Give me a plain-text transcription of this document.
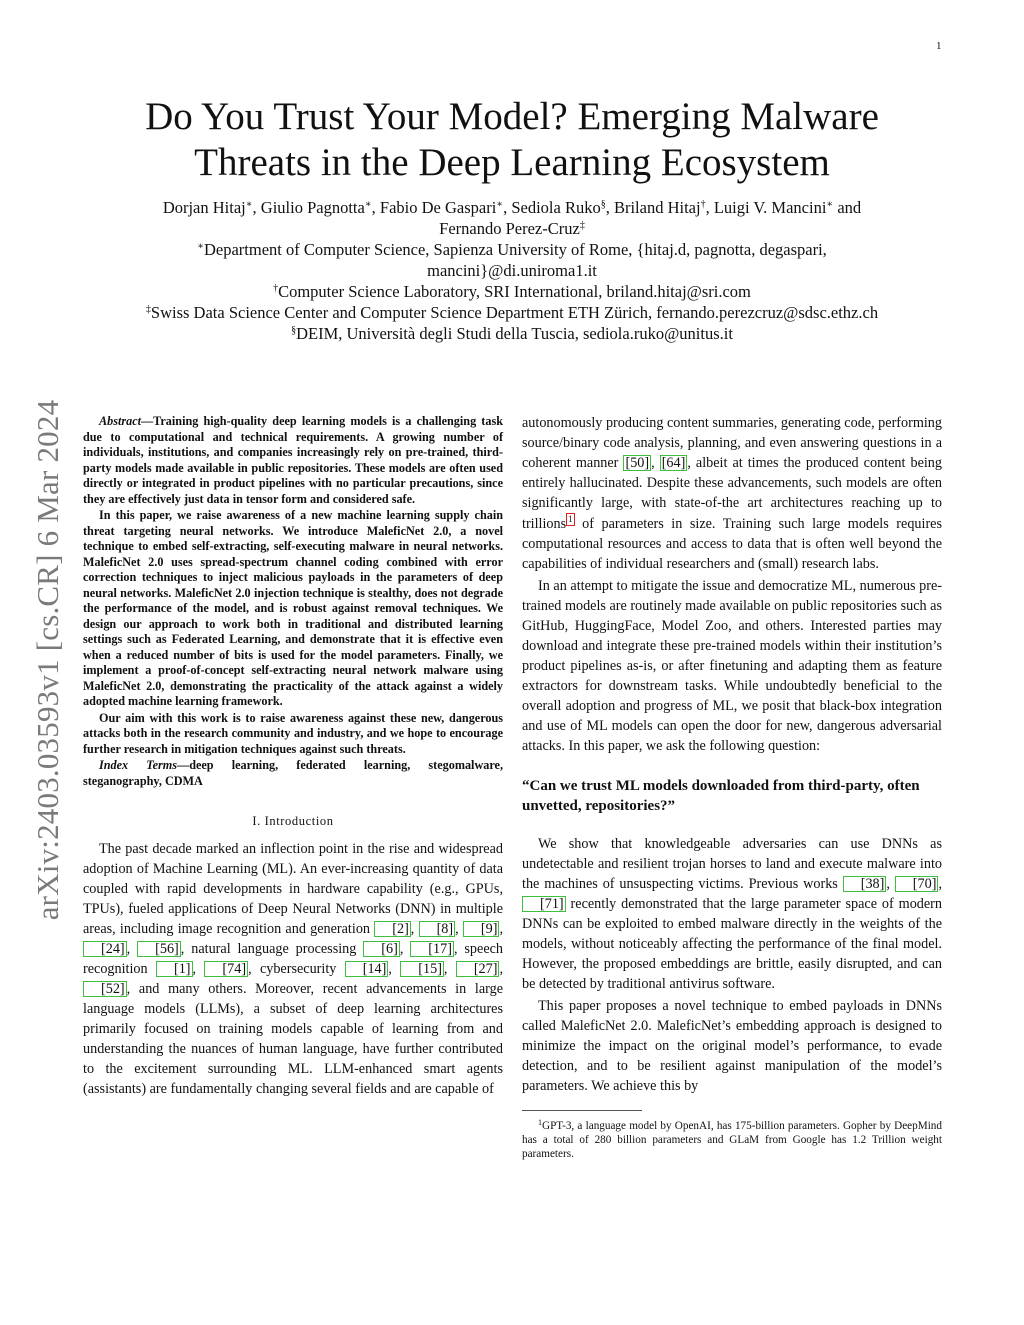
1
arXiv:2403.03593v1 [cs.CR] 6 Mar 2024
Do You Trust Your Model? Emerging Malware Threats in the Deep Learning Ecosystem
Dorjan Hitaj∗, Giulio Pagnotta∗, Fabio De Gaspari∗, Sediola Ruko§, Briland Hitaj†, Luigi V. Mancini∗ and
Fernando Perez-Cruz‡
∗Department of Computer Science, Sapienza University of Rome, {hitaj.d, pagnotta, degaspari, mancini}@di.uniroma1.it
†Computer Science Laboratory, SRI International, briland.hitaj@sri.com
‡Swiss Data Science Center and Computer Science Department ETH Zürich, fernando.perezcruz@sdsc.ethz.ch
§DEIM, Università degli Studi della Tuscia, sediola.ruko@unitus.it

Abstract—Training high-quality deep learning models is a challenging task due to computational and technical requirements. A growing number of individuals, institutions, and companies increasingly rely on pre-trained, third-party models made available in public repositories. These models are often used directly or integrated in product pipelines with no particular precautions, since they are effectively just data in tensor form and considered safe.

In this paper, we raise awareness of a new machine learning supply chain threat targeting neural networks. We introduce MaleficNet 2.0, a novel technique to embed self-extracting, self-executing malware in neural networks. MaleficNet 2.0 uses spread-spectrum channel coding combined with error correction techniques to inject malicious payloads in the parameters of deep neural networks. MaleficNet 2.0 injection technique is stealthy, does not degrade the performance of the model, and is robust against removal techniques. We design our approach to work both in traditional and distributed learning settings such as Federated Learning, and demonstrate that it is effective even when a reduced number of bits is used for the model parameters. Finally, we implement a proof-of-concept self-extracting neural network malware using MaleficNet 2.0, demonstrating the practicality of the attack against a widely adopted machine learning framework.

Our aim with this work is to raise awareness against these new, dangerous attacks both in the research community and industry, and we hope to encourage further research in mitigation techniques against such threats.

Index Terms—deep learning, federated learning, stegomalware, steganography, CDMA

I. Introduction

The past decade marked an inflection point in the rise and widespread adoption of Machine Learning (ML). An ever-increasing quantity of data coupled with rapid developments in hardware capability (e.g., GPUs, TPUs), fueled applications of Deep Neural Networks (DNN) in multiple areas, including image recognition and generation [2] , [8] , [9] , [24] , [56] , natural language processing [6] , [17] , speech recognition [1] , [74] , cybersecurity [14] , [15] , [27] , [52] , and many others. Moreover, recent advancements in large language models (LLMs), a subset of deep learning architectures primarily focused on training models capable of learning from and understanding the nuances of human language, have further contributed to the excitement surrounding ML. LLM-enhanced smart agents (assistants) are fundamentally changing several fields and are capable of

autonomously producing content summaries, generating code, performing source/binary code analysis, planning, and even answering questions in a coherent manner [50] , [64] , albeit at times the produced content being entirely hallucinated. Despite these advancements, such models are often significantly large, with state-of-the art architectures reaching up to trillions 1 of parameters in size. Training such large models requires computational resources and access to data that is often well beyond the capabilities of individual researchers and (small) research labs.

In an attempt to mitigate the issue and democratize ML, numerous pre-trained models are routinely made available on public repositories such as GitHub, HuggingFace, Model Zoo, and others. Interested parties may download and integrate these pre-trained models within their institution’s product pipelines as-is, or after finetuning and adapting them as feature extractors for downstream tasks. While undoubtedly beneficial to the overall adoption and progress of ML, we posit that black-box integration and use of ML models can open the door for new, dangerous adversarial attacks. In this paper, we ask the following question:

“Can we trust ML models downloaded from third-party, often unvetted, repositories?”

We show that knowledgeable adversaries can use DNNs as undetectable and resilient trojan horses to land and execute malware into the machines of unsuspecting victims. Previous works [38] , [70] , [71] recently demonstrated that the large parameter space of modern DNNs can be exploited to embed malware directly in the weights of the models, without noticeably affecting the performance of the final model. However, the proposed embeddings are brittle, easily disrupted, and can be detected by traditional antivirus software.

This paper proposes a novel technique to embed payloads in DNNs called MaleficNet 2.0. MaleficNet’s embedding approach is designed to minimize the impact on the original model’s performance, to evade detection, and to be resilient against manipulation of the model’s parameters. We achieve this by

$^1$GPT-3, a language model by OpenAI, has 175-billion parameters. Gopher by DeepMind has a total of 280 billion parameters and GLaM from Google has 1.2 Trillion weight parameters.
